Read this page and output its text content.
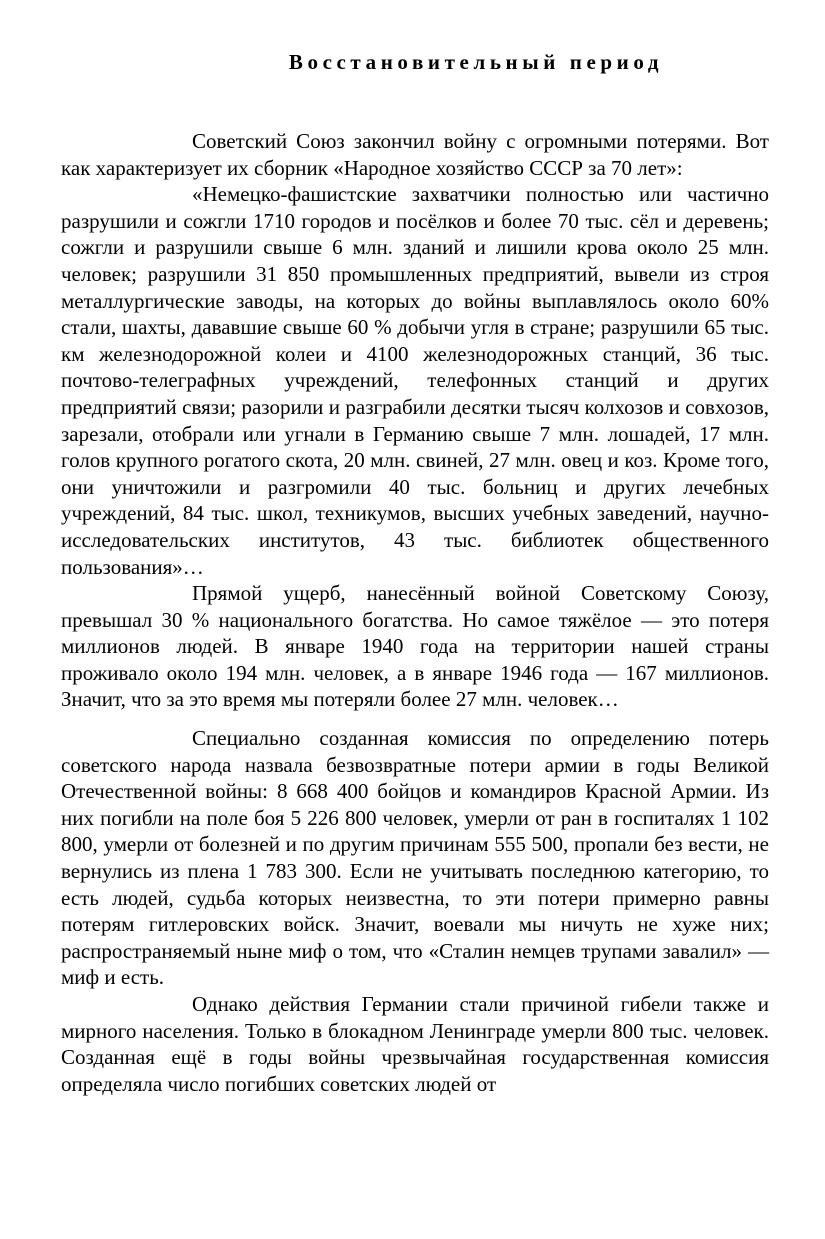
Восстановительный период

Советский Союз закончил войну с огромными потерями. Вот как характеризует их сборник «Народное хозяйство СССР за 70 лет»:

«Немецко-фашистские захватчики полностью или частично разрушили и сожгли 1710 городов и посёлков и более 70 тыс. сёл и деревень; сожгли и разрушили свыше 6 млн. зданий и лишили крова около 25 млн. человек; разрушили 31 850 промышленных предприятий, вывели из строя металлургические заводы, на которых до войны выплавлялось около 60% стали, шахты, дававшие свыше 60 % добычи угля в стране; разрушили 65 тыс. км железнодорожной колеи и 4100 железнодорожных станций, 36 тыс. почтово-телеграфных учреждений, телефонных станций и других предприятий связи; разорили и разграбили десятки тысяч колхозов и совхозов, зарезали, отобрали или угнали в Германию свыше 7 млн. лошадей, 17 млн. голов крупного рогатого скота, 20 млн. свиней, 27 млн. овец и коз. Кроме того, они уничтожили и разгромили 40 тыс. больниц и других лечебных учреждений, 84 тыс. школ, техникумов, высших учебных заведений, научно-исследовательских институтов, 43 тыс. библиотек общественного пользования»…

Прямой ущерб, нанесённый войной Советскому Союзу, превышал 30 % национального богатства. Но самое тяжёлое — это потеря миллионов людей. В январе 1940 года на территории нашей страны проживало около 194 млн. человек, а в январе 1946 года — 167 миллионов. Значит, что за это время мы потеряли более 27 млн. человек…

Специально созданная комиссия по определению потерь советского народа назвала безвозвратные потери армии в годы Великой Отечественной войны: 8 668 400 бойцов и командиров Красной Армии. Из них погибли на поле боя 5 226 800 человек, умерли от ран в госпиталях 1 102 800, умерли от болезней и по другим причинам 555 500, пропали без вести, не вернулись из плена 1 783 300. Если не учитывать последнюю категорию, то есть людей, судьба которых неизвестна, то эти потери примерно равны потерям гитлеровских войск. Значит, воевали мы ничуть не хуже них; распространяемый ныне миф о том, что «Сталин немцев трупами завалил» — миф и есть.

Однако действия Германии стали причиной гибели также и мирного населения. Только в блокадном Ленинграде умерли 800 тыс. человек. Созданная ещё в годы войны чрезвычайная государственная комиссия определяла число погибших советских людей от
